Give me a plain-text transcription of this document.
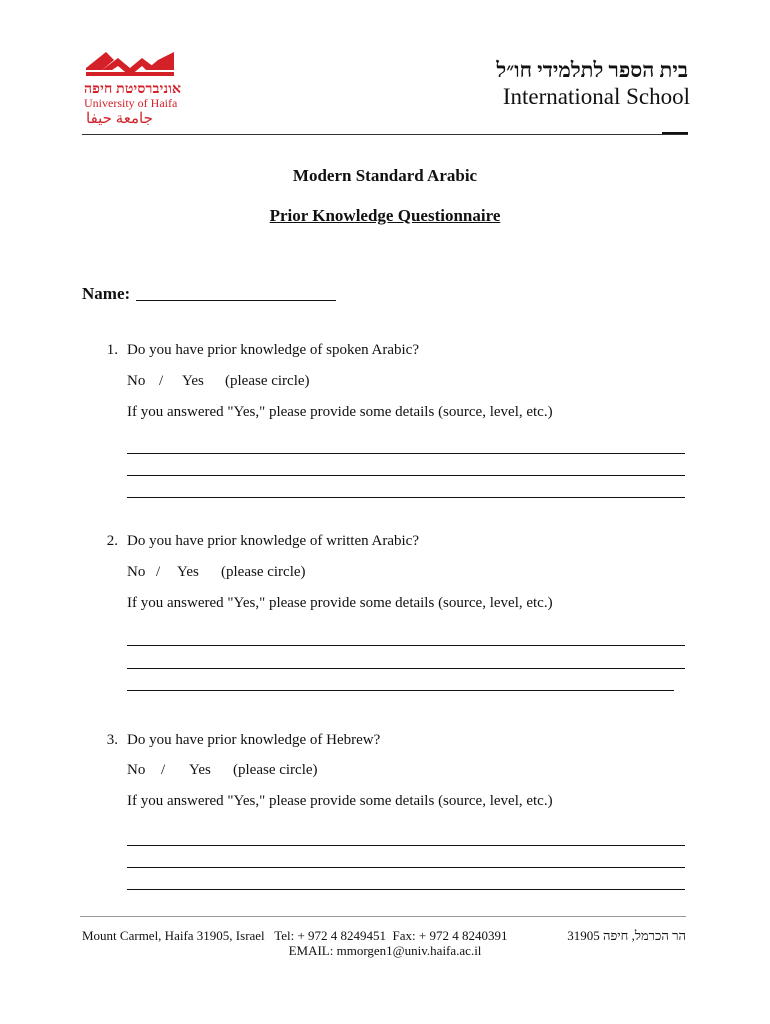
אוניברסיטת חיפה
University of Haifa
جامعة حيفا
בית הספר לתלמידי חו״ל
International School
Modern Standard Arabic
Prior Knowledge Questionnaire
Name:
1. Do you have prior knowledge of spoken Arabic?
No / Yes (please circle)
If you answered "Yes," please provide some details (source, level, etc.)
2. Do you have prior knowledge of written Arabic?
No / Yes (please circle)
If you answered "Yes," please provide some details (source, level, etc.)
3. Do you have prior knowledge of Hebrew?
No / Yes (please circle)
If you answered "Yes," please provide some details (source, level, etc.)
Mount Carmel, Haifa 31905, Israel   Tel: + 972 4 8249451  Fax: + 972 4 8240391	הר הכרמל, חיפה 31905
EMAIL: mmorgen1@univ.haifa.ac.il
